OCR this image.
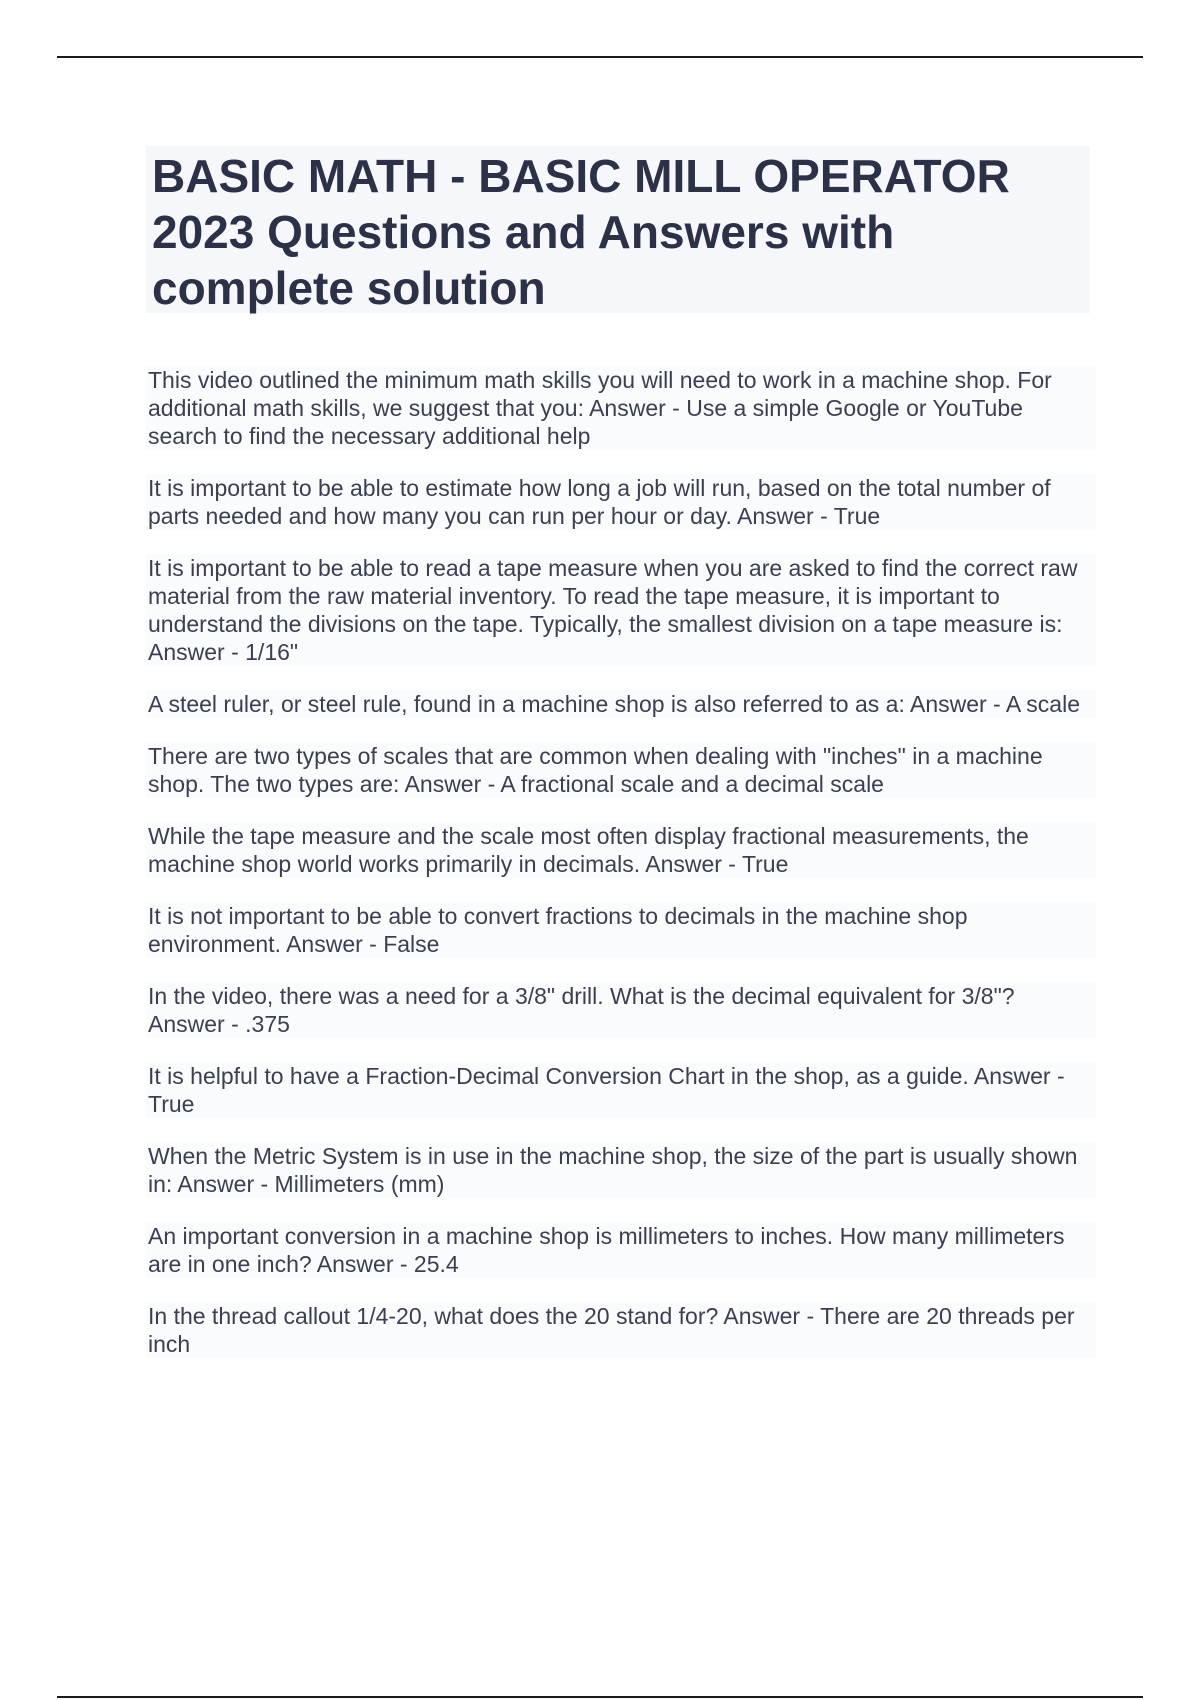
BASIC MATH - BASIC MILL OPERATOR 2023 Questions and Answers with complete solution

This video outlined the minimum math skills you will need to work in a machine shop. For additional math skills, we suggest that you: Answer - Use a simple Google or YouTube search to find the necessary additional help

It is important to be able to estimate how long a job will run, based on the total number of parts needed and how many you can run per hour or day. Answer - True

It is important to be able to read a tape measure when you are asked to find the correct raw material from the raw material inventory. To read the tape measure, it is important to understand the divisions on the tape. Typically, the smallest division on a tape measure is: Answer - 1/16"

A steel ruler, or steel rule, found in a machine shop is also referred to as a: Answer - A scale

There are two types of scales that are common when dealing with "inches" in a machine shop. The two types are: Answer - A fractional scale and a decimal scale

While the tape measure and the scale most often display fractional measurements, the machine shop world works primarily in decimals. Answer - True

It is not important to be able to convert fractions to decimals in the machine shop environment. Answer - False

In the video, there was a need for a 3/8" drill. What is the decimal equivalent for 3/8"? Answer - .375

It is helpful to have a Fraction-Decimal Conversion Chart in the shop, as a guide. Answer - True

When the Metric System is in use in the machine shop, the size of the part is usually shown in: Answer - Millimeters (mm)

An important conversion in a machine shop is millimeters to inches. How many millimeters are in one inch? Answer - 25.4

In the thread callout 1/4-20, what does the 20 stand for? Answer - There are 20 threads per inch
